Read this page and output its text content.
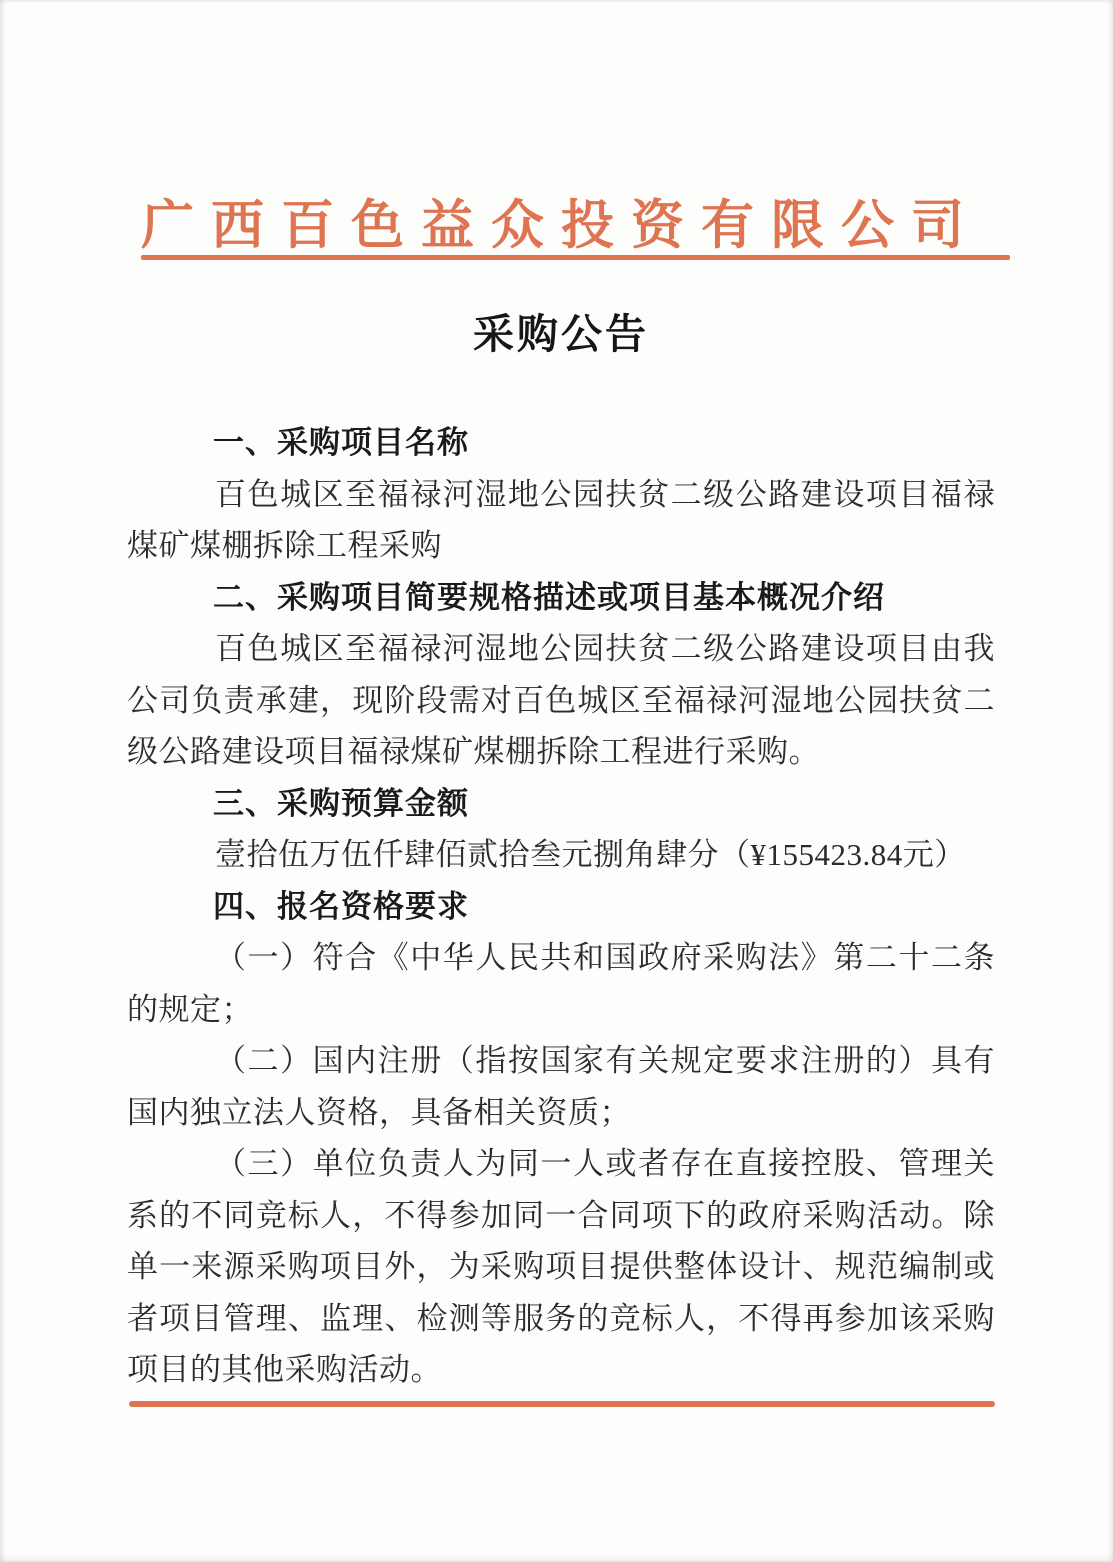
广西百色益众投资有限公司
采购公告
一、采购项目名称

百色城区至福禄河湿地公园扶贫二级公路建设项目福禄煤矿煤棚拆除工程采购

二、采购项目简要规格描述或项目基本概况介绍

百色城区至福禄河湿地公园扶贫二级公路建设项目由我公司负责承建，现阶段需对百色城区至福禄河湿地公园扶贫二级公路建设项目福禄煤矿煤棚拆除工程进行采购。

三、采购预算金额

壹拾伍万伍仟肆佰贰拾叁元捌角肆分（¥155423.84元）

四、报名资格要求

（一）符合《中华人民共和国政府采购法》第二十二条的规定；

（二）国内注册（指按国家有关规定要求注册的）具有国内独立法人资格，具备相关资质；

（三）单位负责人为同一人或者存在直接控股、管理关系的不同竞标人，不得参加同一合同项下的政府采购活动。除单一来源采购项目外，为采购项目提供整体设计、规范编制或者项目管理、监理、检测等服务的竞标人，不得再参加该采购项目的其他采购活动。
